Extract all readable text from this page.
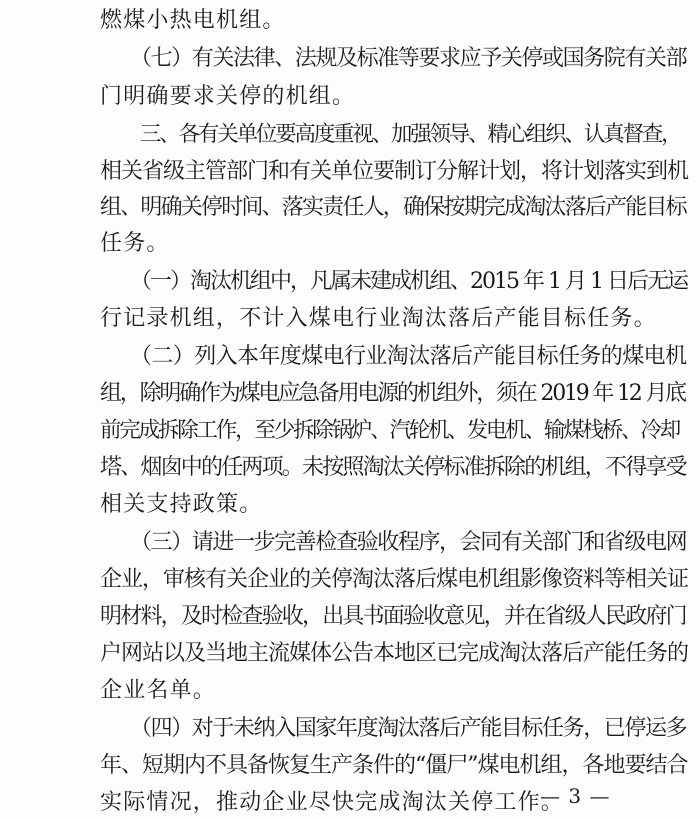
燃煤小热电机组。
（七）有关法律、法规及标准等要求应予关停或国务院有关部
门明确要求关停的机组。
三、各有关单位要高度重视、加强领导、精心组织、认真督查，
相关省级主管部门和有关单位要制订分解计划，将计划落实到机
组、明确关停时间、落实责任人，确保按期完成淘汰落后产能目标
任务。
（一）淘汰机组中，凡属未建成机组、2015 年 1 月 1 日后无运
行记录机组，不计入煤电行业淘汰落后产能目标任务。
（二）列入本年度煤电行业淘汰落后产能目标任务的煤电机
组，除明确作为煤电应急备用电源的机组外，须在 2019 年 12 月底
前完成拆除工作，至少拆除锅炉、汽轮机、发电机、输煤栈桥、冷却
塔、烟囱中的任两项。未按照淘汰关停标准拆除的机组，不得享受
相关支持政策。
（三）请进一步完善检查验收程序，会同有关部门和省级电网
企业，审核有关企业的关停淘汰落后煤电机组影像资料等相关证
明材料，及时检查验收，出具书面验收意见，并在省级人民政府门
户网站以及当地主流媒体公告本地区已完成淘汰落后产能任务的
企业名单。
（四）对于未纳入国家年度淘汰落后产能目标任务，已停运多
年、短期内不具备恢复生产条件的“僵尸”煤电机组，各地要结合
实际情况，推动企业尽快完成淘汰关停工作。
— 3 —
